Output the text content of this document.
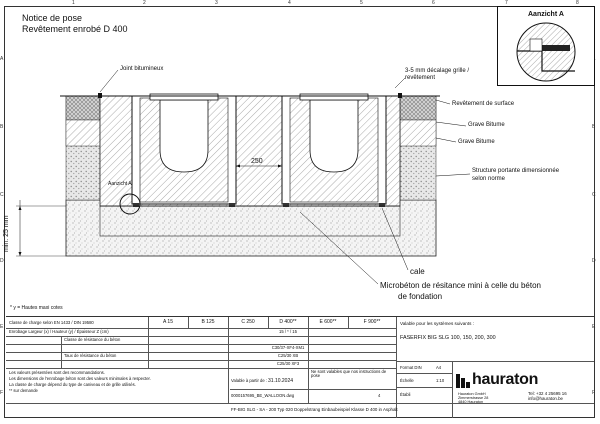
1	2	3	4	5	6	7	8
A
B
C
D
E
F
B
C
D
E
F
Notice de pose
Revêtement enrobé D 400
Aanzicht A
Joint bitumineux	3-5 mm décalage grille /
revêtement
Revêtement de surface
Grave Bitume
Grave Bitume
Structure portante dimensionnée
selon norme
250
Aanzicht A
min. 25 mm
cale
Microbéton de résitance mini à celle du béton
de fondation
* y = Hautes maxi cotes
Classe de charge selon EN 1433 / DIN 19580	A 15	B 125	C 250	D 400**	E 600**	F 900**
Enrobage Largeur (x) / Hauteur (y) / Épaisseur Z (cm)	15 / * / 15
Classe de résistance du béton
C30/37-XF4-XM1
Taux de résistance du béton	C25/30 XB
C25/30 XF3
Les valeurs présentées sont des recommandations.
Les dimensions de l'enrobage béton sont des valeurs minimales à respecter.
La classe de charge dépend du type de caniveau et de grille utilisés.
** sur demande
Valable pour les systèmes suivants :
FASERFIX BIG SLG 100, 150, 200, 300
Valable à partir de : 31.10.2024
Ne sont valables que nos instructions de pose
0000157695_BE_WALLOON.dwg	4
Format DIN	A4
Échelle	1:10
Établi
FF-BIG SLG - SA - 200 Typ 020 Doppelstrang Einbaubeispiel Klasse D 400 in Asphalt
hauraton
Hauraton GmbH
Zimmerstrasse 28
4840 Hauraton
Tel: +32 4 25695 16
info@hauraton.be
